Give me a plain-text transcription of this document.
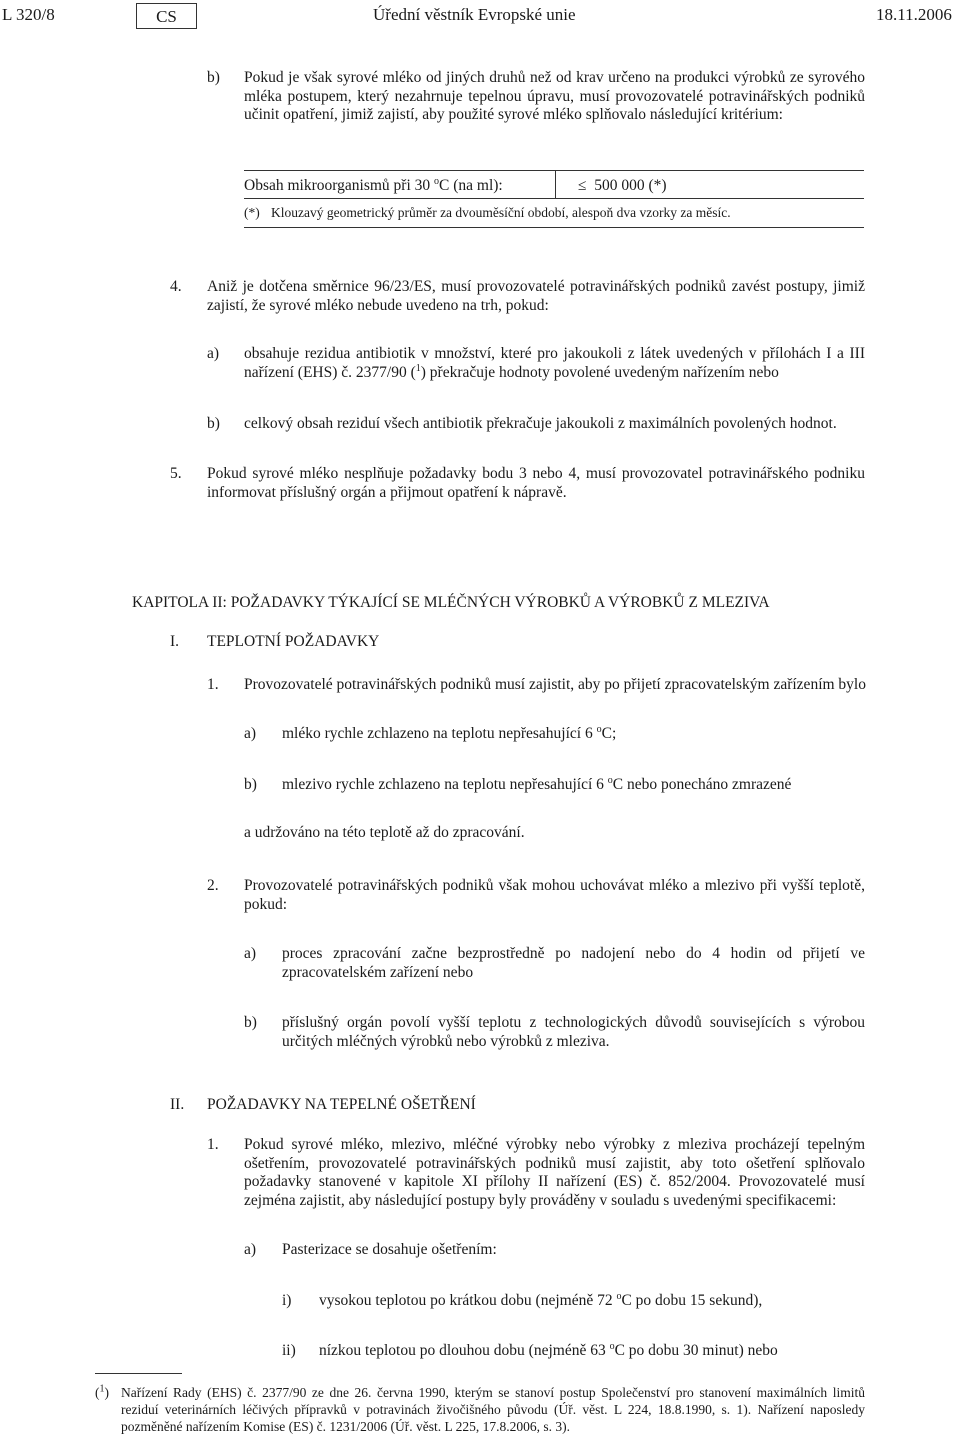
L 320/8	CS	Úřední věstník Evropské unie	18.11.2006
b) Pokud je však syrové mléko od jiných druhů než od krav určeno na produkci výrobků ze syrového
mléka postupem, který nezahrnuje tepelnou úpravu, musí provozovatelé potravinářských podniků
učinit opatření, jimiž zajistí, aby použité syrové mléko splňovalo následující kritérium:
Obsah mikroorganismů při 30 $^o$C (na ml):	≤ 500 000 (*)
(*) Klouzavý geometrický průměr za dvouměsíční období, alespoň dva vzorky za měsíc.
4. Aniž je dotčena směrnice 96/23/ES, musí provozovatelé potravinářských podniků zavést postupy, jimiž
zajistí, že syrové mléko nebude uvedeno na trh, pokud:
a) obsahuje rezidua antibiotik v množství, které pro jakoukoli z látek uvedených v přílohách I a III
nařízení (EHS) č. 2377/90 ($^1$) překračuje hodnoty povolené uvedeným nařízením nebo
b) celkový obsah reziduí všech antibiotik překračuje jakoukoli z maximálních povolených hodnot.
5. Pokud syrové mléko nesplňuje požadavky bodu 3 nebo 4, musí provozovatel potravinářského podniku
informovat příslušný orgán a přijmout opatření k nápravě.
KAPITOLA II: POŽADAVKY TÝKAJÍCÍ SE MLÉČNÝCH VÝROBKŮ A VÝROBKŮ Z MLEZIVA
I. TEPLOTNÍ POŽADAVKY
1. Provozovatelé potravinářských podniků musí zajistit, aby po přijetí zpracovatelským zařízením bylo
a) mléko rychle zchlazeno na teplotu nepřesahující 6 $^o$C;
b) mlezivo rychle zchlazeno na teplotu nepřesahující 6 $^o$C nebo ponecháno zmrazené
a udržováno na této teplotě až do zpracování.
2. Provozovatelé potravinářských podniků však mohou uchovávat mléko a mlezivo při vyšší teplotě,
pokud:
a) proces zpracování začne bezprostředně po nadojení nebo do 4 hodin od přijetí ve
zpracovatelském zařízení nebo
b) příslušný orgán povolí vyšší teplotu z technologických důvodů souvisejících s výrobou
určitých mléčných výrobků nebo výrobků z mleziva.
II. POŽADAVKY NA TEPELNÉ OŠETŘENÍ
1. Pokud syrové mléko, mlezivo, mléčné výrobky nebo výrobky z mleziva procházejí tepelným
ošetřením, provozovatelé potravinářských podniků musí zajistit, aby toto ošetření splňovalo
požadavky stanovené v kapitole XI přílohy II nařízení (ES) č. 852/2004. Provozovatelé musí
zejména zajistit, aby následující postupy byly prováděny v souladu s uvedenými specifikacemi:
a) Pasterizace se dosahuje ošetřením:
i) vysokou teplotou po krátkou dobu (nejméně 72 $^o$C po dobu 15 sekund),
ii) nízkou teplotou po dlouhou dobu (nejméně 63 $^o$C po dobu 30 minut) nebo
($^1$) Nařízení Rady (EHS) č. 2377/90 ze dne 26. června 1990, kterým se stanoví postup Společenství pro stanovení maximálních limitů
reziduí veterinárních léčivých přípravků v potravinách živočišného původu (Úř. věst. L 224, 18.8.1990, s. 1). Nařízení naposledy
pozměněné nařízením Komise (ES) č. 1231/2006 (Úř. věst. L 225, 17.8.2006, s. 3).
